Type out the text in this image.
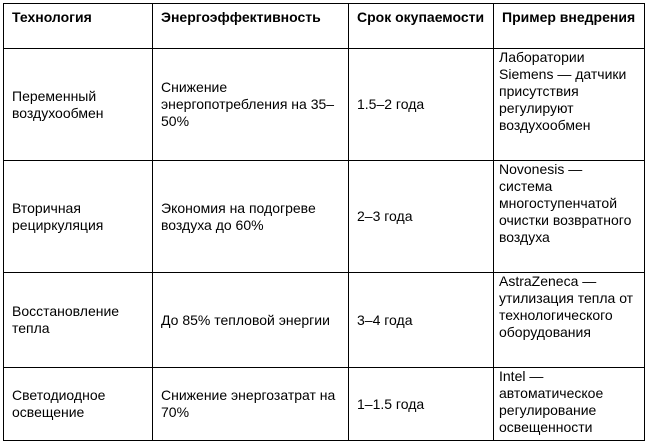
Технология	Энергоэффективность	Срок окупаемости	Пример внедрения
Переменный воздухообмен	Снижение энергопотребления на 35–50%	1.5–2 года	Лаборатории Siemens — датчики присутствия регулируют воздухообмен
Вторичная рециркуляция	Экономия на подогреве воздуха до 60%	2–3 года	Novonesis — система многоступенчатой очистки возвратного воздуха
Восстановление тепла	До 85% тепловой энергии	3–4 года	AstraZeneca — утилизация тепла от технологического оборудования
Светодиодное освещение	Снижение энергозатрат на 70%	1–1.5 года	Intel — автоматическое регулирование освещенности
